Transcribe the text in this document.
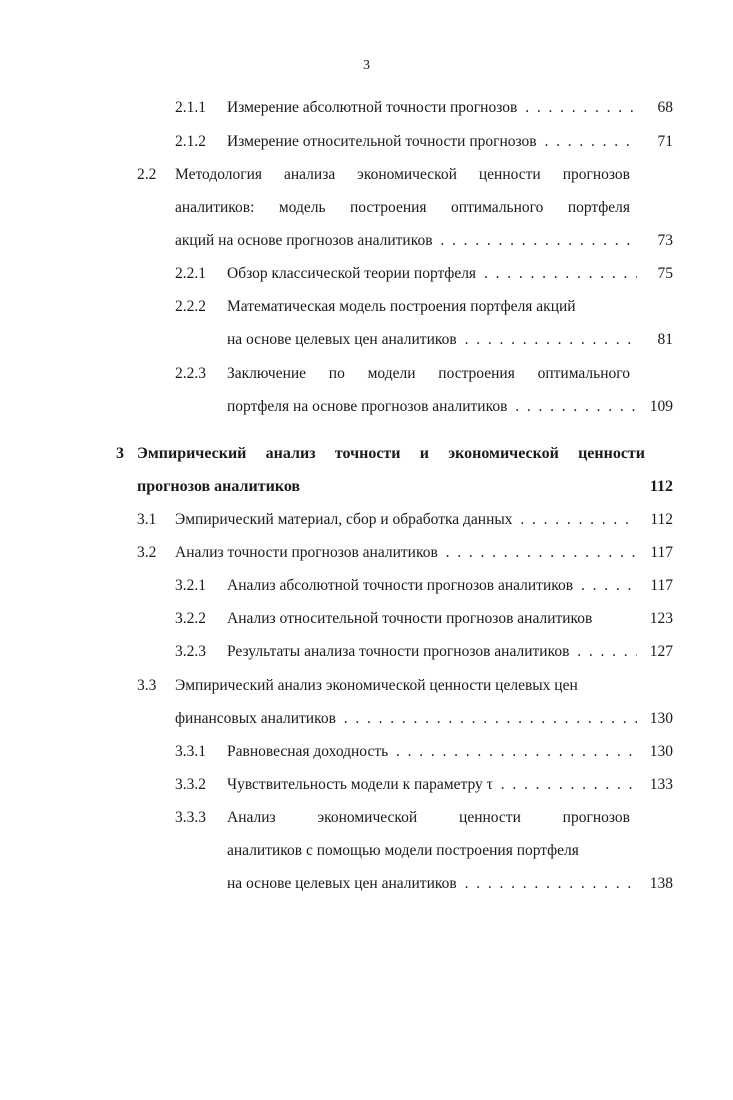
3
2.1.1 Измерение абсолютной точности прогнозов . .	68
2.1.2 Измерение относительной точности прогнозов . .	71
2.2 Методология анализа экономической ценности прогнозов
аналитиков: модель построения оптимального портфеля
акций на основе прогнозов аналитиков . .	73
2.2.1 Обзор классической теории портфеля . .	75
2.2.2 Математическая модель построения портфеля акций
на основе целевых цен аналитиков . .	81
2.2.3 Заключение по модели построения оптимального
портфеля на основе прогнозов аналитиков . .	109
3 Эмпирический анализ точности и экономической ценности
прогнозов аналитиков	112
3.1 Эмпирический материал, сбор и обработка данных . .	112
3.2 Анализ точности прогнозов аналитиков . .	117
3.2.1 Анализ абсолютной точности прогнозов аналитиков . .	117
3.2.2 Анализ относительной точности прогнозов аналитиков	123
3.2.3 Результаты анализа точности прогнозов аналитиков . .	127
3.3 Эмпирический анализ экономической ценности целевых цен
финансовых аналитиков . .	130
3.3.1 Равновесная доходность . .	130
3.3.2 Чувствительность модели к параметру τ . .	133
3.3.3 Анализ экономической ценности прогнозов
аналитиков с помощью модели построения портфеля
на основе целевых цен аналитиков . .	138
